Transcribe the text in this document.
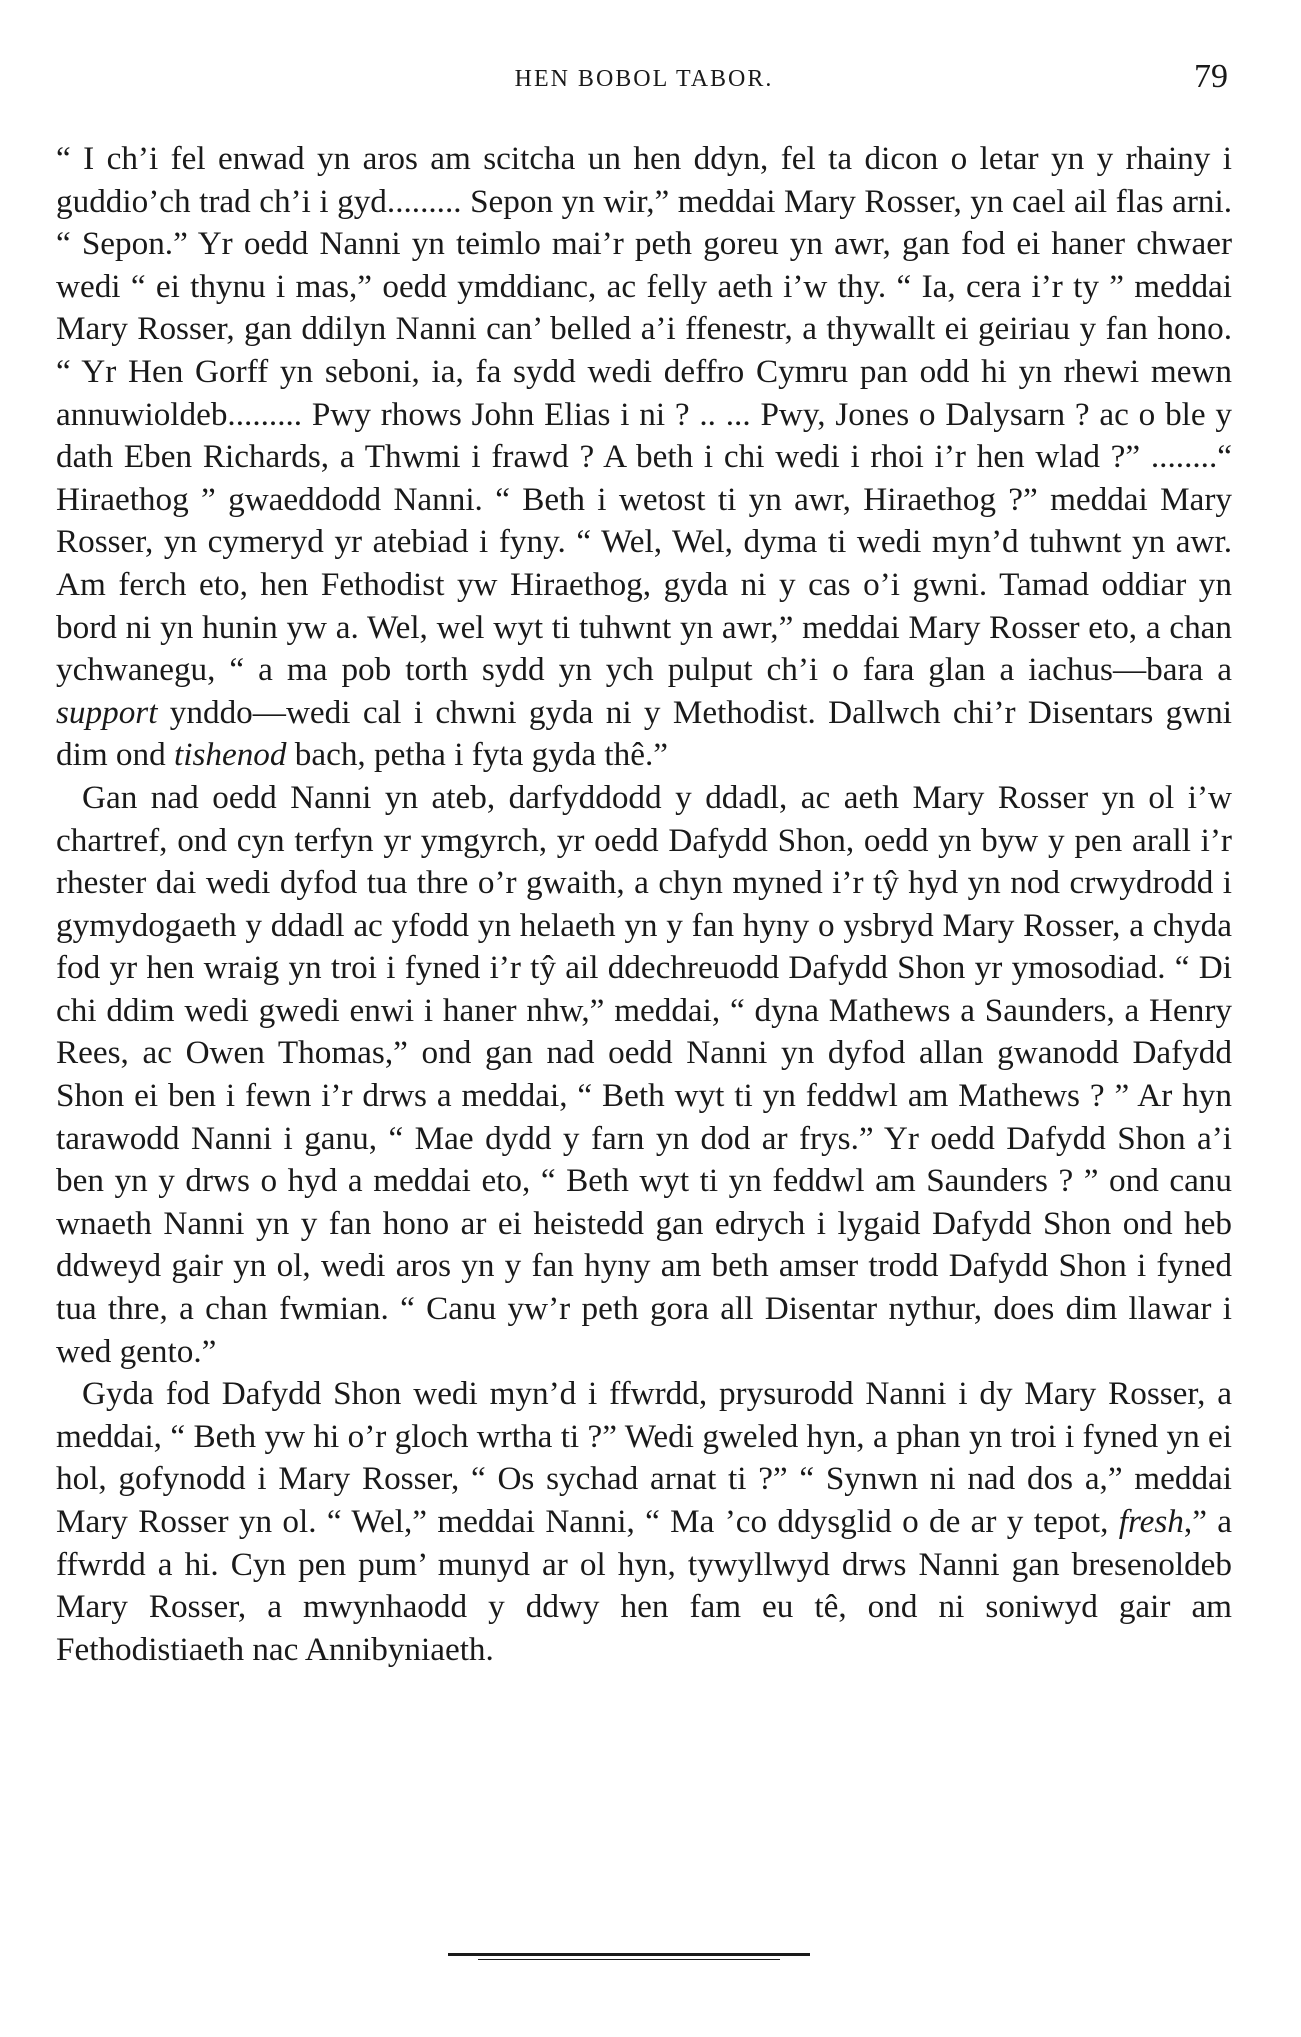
HEN BOBOL TABOR.	79

“ I ch’i fel enwad yn aros am scitcha un hen ddyn, fel ta dicon o letar yn y rhainy i guddio’ch trad ch’i i gyd......... Sepon yn wir,” meddai Mary Rosser, yn cael ail flas arni. “ Sepon.” Yr oedd Nanni yn teimlo mai’r peth goreu yn awr, gan fod ei haner chwaer wedi “ ei thynu i mas,” oedd ymddianc, ac felly aeth i’w thy. “ Ia, cera i’r ty ” meddai Mary Rosser, gan ddilyn Nanni can’ belled a’i ffenestr, a thywallt ei geiriau y fan hono. “ Yr Hen Gorff yn seboni, ia, fa sydd wedi deffro Cymru pan odd hi yn rhewi mewn annuwioldeb......... Pwy rhows John Elias i ni ? .. ... Pwy, Jones o Dalysarn ? ac o ble y dath Eben Richards, a Thwmi i frawd ? A beth i chi wedi i rhoi i’r hen wlad ?” ........“ Hiraethog ” gwaeddodd Nanni. “ Beth i wetost ti yn awr, Hiraethog ?” meddai Mary Rosser, yn cymeryd yr atebiad i fyny. “ Wel, Wel, dyma ti wedi myn’d tuhwnt yn awr. Am ferch eto, hen Fethodist yw Hiraethog, gyda ni y cas o’i gwni. Tamad oddiar yn bord ni yn hunin yw a. Wel, wel wyt ti tuhwnt yn awr,” meddai Mary Rosser eto, a chan ychwanegu, “ a ma pob torth sydd yn ych pulput ch’i o fara glan a iachus—bara a support ynddo—wedi cal i chwni gyda ni y Methodist. Dallwch chi’r Disentars gwni dim ond tishenod bach, petha i fyta gyda thê.”

Gan nad oedd Nanni yn ateb, darfyddodd y ddadl, ac aeth Mary Rosser yn ol i’w chartref, ond cyn terfyn yr ymgyrch, yr oedd Dafydd Shon, oedd yn byw y pen arall i’r rhester dai wedi dyfod tua thre o’r gwaith, a chyn myned i’r tŷ hyd yn nod crwydrodd i gymydogaeth y ddadl ac yfodd yn helaeth yn y fan hyny o ysbryd Mary Rosser, a chyda fod yr hen wraig yn troi i fyned i’r tŷ ail ddechreuodd Dafydd Shon yr ymosodiad. “ Di chi ddim wedi gwedi enwi i haner nhw,” meddai, “ dyna Mathews a Saunders, a Henry Rees, ac Owen Thomas,” ond gan nad oedd Nanni yn dyfod allan gwanodd Dafydd Shon ei ben i fewn i’r drws a meddai, “ Beth wyt ti yn feddwl am Mathews ? ” Ar hyn tarawodd Nanni i ganu, “ Mae dydd y farn yn dod ar frys.” Yr oedd Dafydd Shon a’i ben yn y drws o hyd a meddai eto, “ Beth wyt ti yn feddwl am Saunders ? ” ond canu wnaeth Nanni yn y fan hono ar ei heistedd gan edrych i lygaid Dafydd Shon ond heb ddweyd gair yn ol, wedi aros yn y fan hyny am beth amser trodd Dafydd Shon i fyned tua thre, a chan fwmian. “ Canu yw’r peth gora all Disentar nythur, does dim llawar i wed gento.”

Gyda fod Dafydd Shon wedi myn’d i ffwrdd, prysurodd Nanni i dy Mary Rosser, a meddai, “ Beth yw hi o’r gloch wrtha ti ?” Wedi gweled hyn, a phan yn troi i fyned yn ei hol, gofynodd i Mary Rosser, “ Os sychad arnat ti ?” “ Synwn ni nad dos a,” meddai Mary Rosser yn ol. “ Wel,” meddai Nanni, “ Ma ’co ddysglid o de ar y tepot, fresh,” a ffwrdd a hi. Cyn pen pum’ munyd ar ol hyn, tywyllwyd drws Nanni gan bresenoldeb Mary Rosser, a mwynhaodd y ddwy hen fam eu tê, ond ni soniwyd gair am Fethodistiaeth nac Annibyniaeth.
